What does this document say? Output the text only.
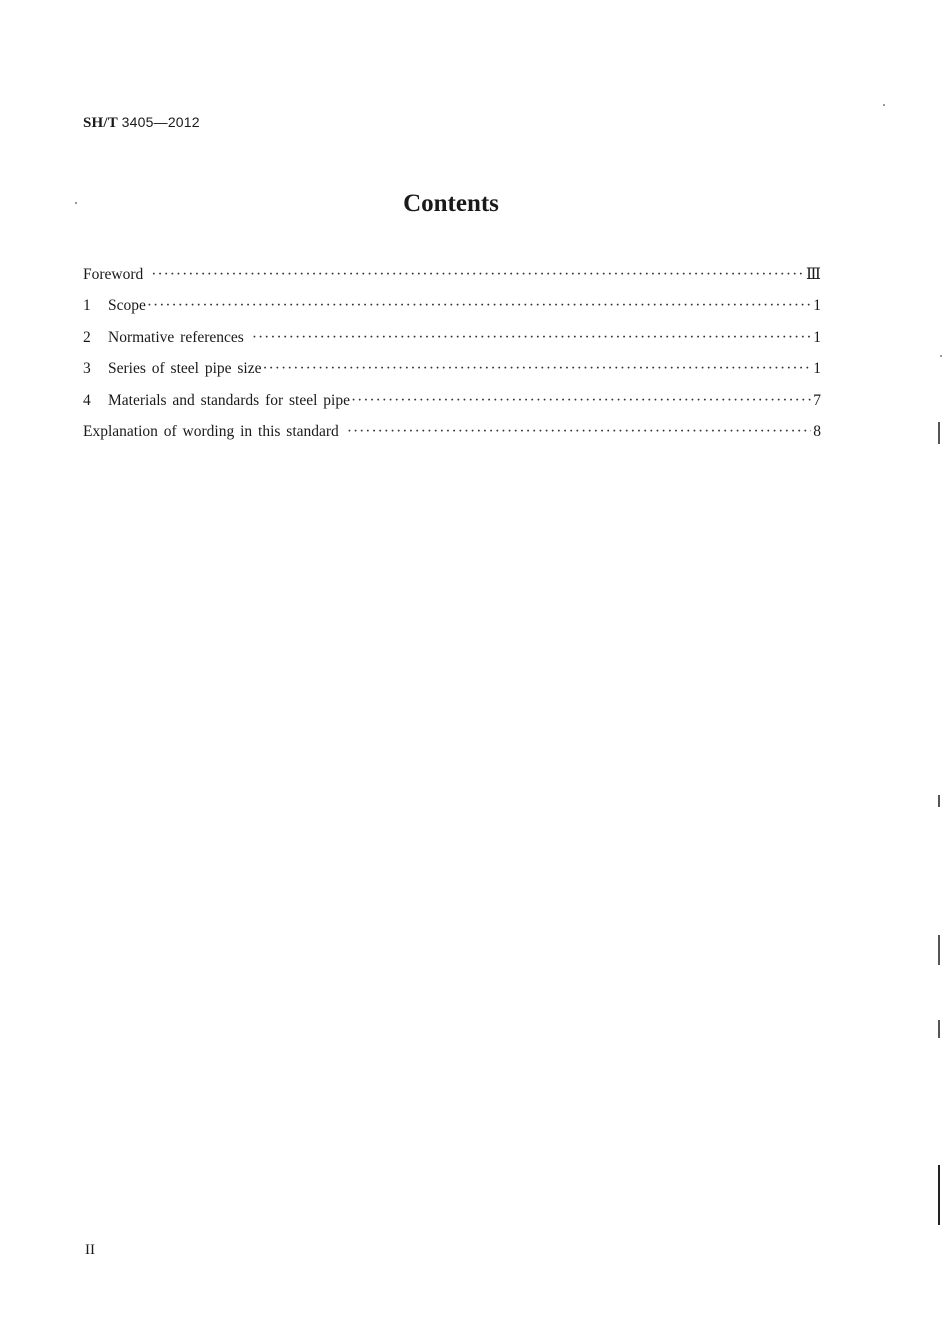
SH/T 3405—2012
Contents
Foreword ·····	Ⅲ
1	Scope ·····	1
2	Normative references ·····	1
3	Series of steel pipe size ·····	1
4	Materials and standards for steel pipe ·····	7
Explanation of wording in this standard ·····	8
II
